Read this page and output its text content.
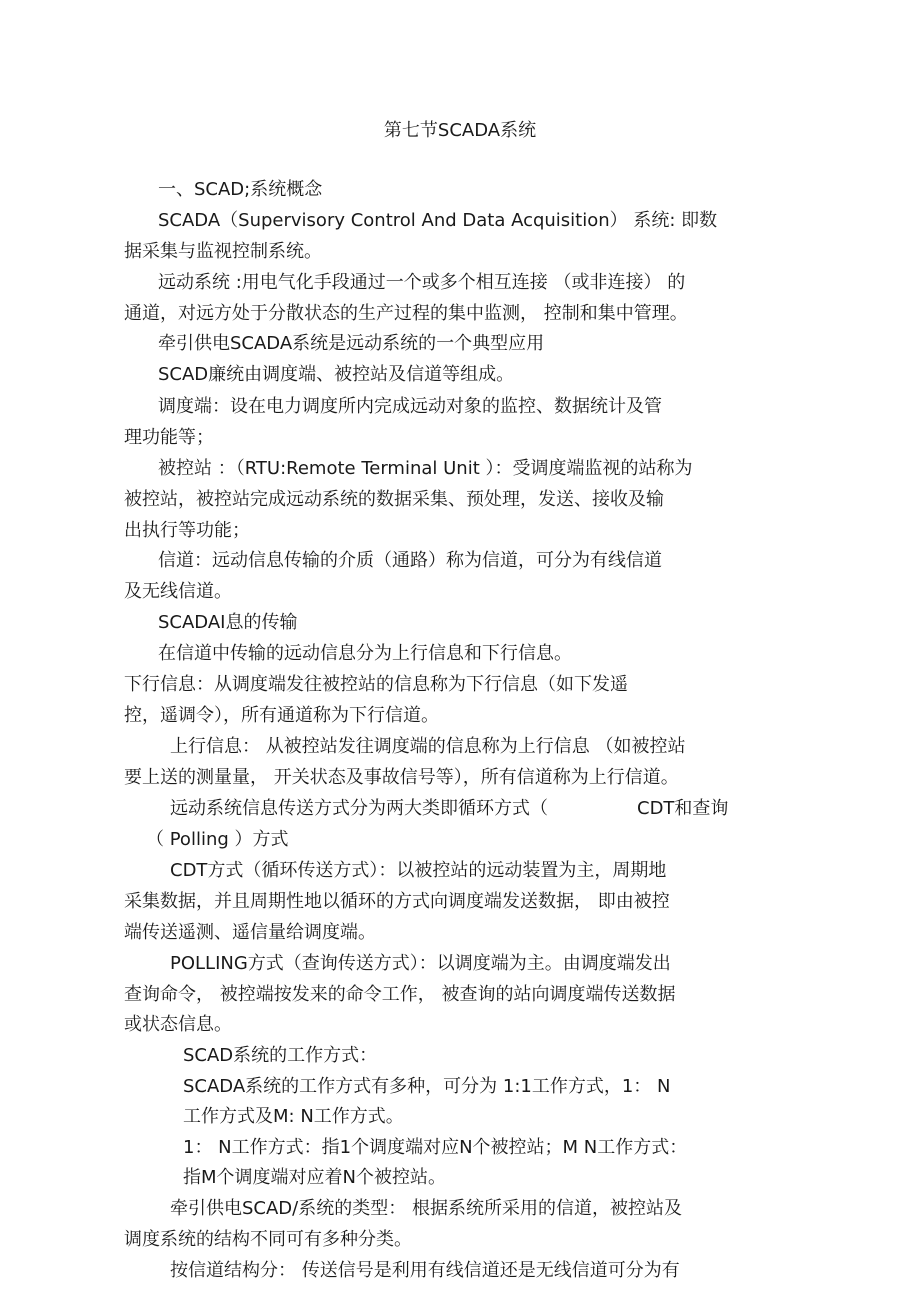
第七节SCADA系统
一、SCAD;系统概念
SCADA（Supervisory Control And Data Acquisition） 系统: 即数
据采集与监视控制系统。
远动系统 :用电气化手段通过一个或多个相互连接 （或非连接） 的
通道，对远方处于分散状态的生产过程的集中监测， 控制和集中管理。
牵引供电SCADA系统是远动系统的一个典型应用
SCAD廉统由调度端、被控站及信道等组成。
调度端：设在电力调度所内完成远动对象的监控、数据统计及管
理功能等；
被控站 ：（RTU:Remote Terminal Unit ）：受调度端监视的站称为
被控站，被控站完成远动系统的数据采集、预处理，发送、接收及输
出执行等功能；
信道：远动信息传输的介质（通路）称为信道，可分为有线信道
及无线信道。
SCADAI息的传输
在信道中传输的远动信息分为上行信息和下行信息。
下行信息：从调度端发往被控站的信息称为下行信息（如下发遥
控，遥调令），所有通道称为下行信道。
上行信息： 从被控站发往调度端的信息称为上行信息 （如被控站
要上送的测量量， 开关状态及事故信号等），所有信道称为上行信道。
远动系统信息传送方式分为两大类即循环方式（	CDT和查询
（ Polling ）方式
CDT方式（循环传送方式）：以被控站的远动装置为主，周期地
采集数据，并且周期性地以循环的方式向调度端发送数据， 即由被控
端传送遥测、遥信量给调度端。
POLLING方式（查询传送方式）：以调度端为主。由调度端发出
查询命令， 被控端按发来的命令工作， 被查询的站向调度端传送数据
或状态信息。
SCAD系统的工作方式：
SCADA系统的工作方式有多种，可分为 1:1工作方式，1： N
工作方式及M: N工作方式。
1： N工作方式：指1个调度端对应N个被控站；M N工作方式：
指M个调度端对应着N个被控站。
牵引供电SCAD/系统的类型： 根据系统所采用的信道，被控站及
调度系统的结构不同可有多种分类。
按信道结构分： 传送信号是利用有线信道还是无线信道可分为有
